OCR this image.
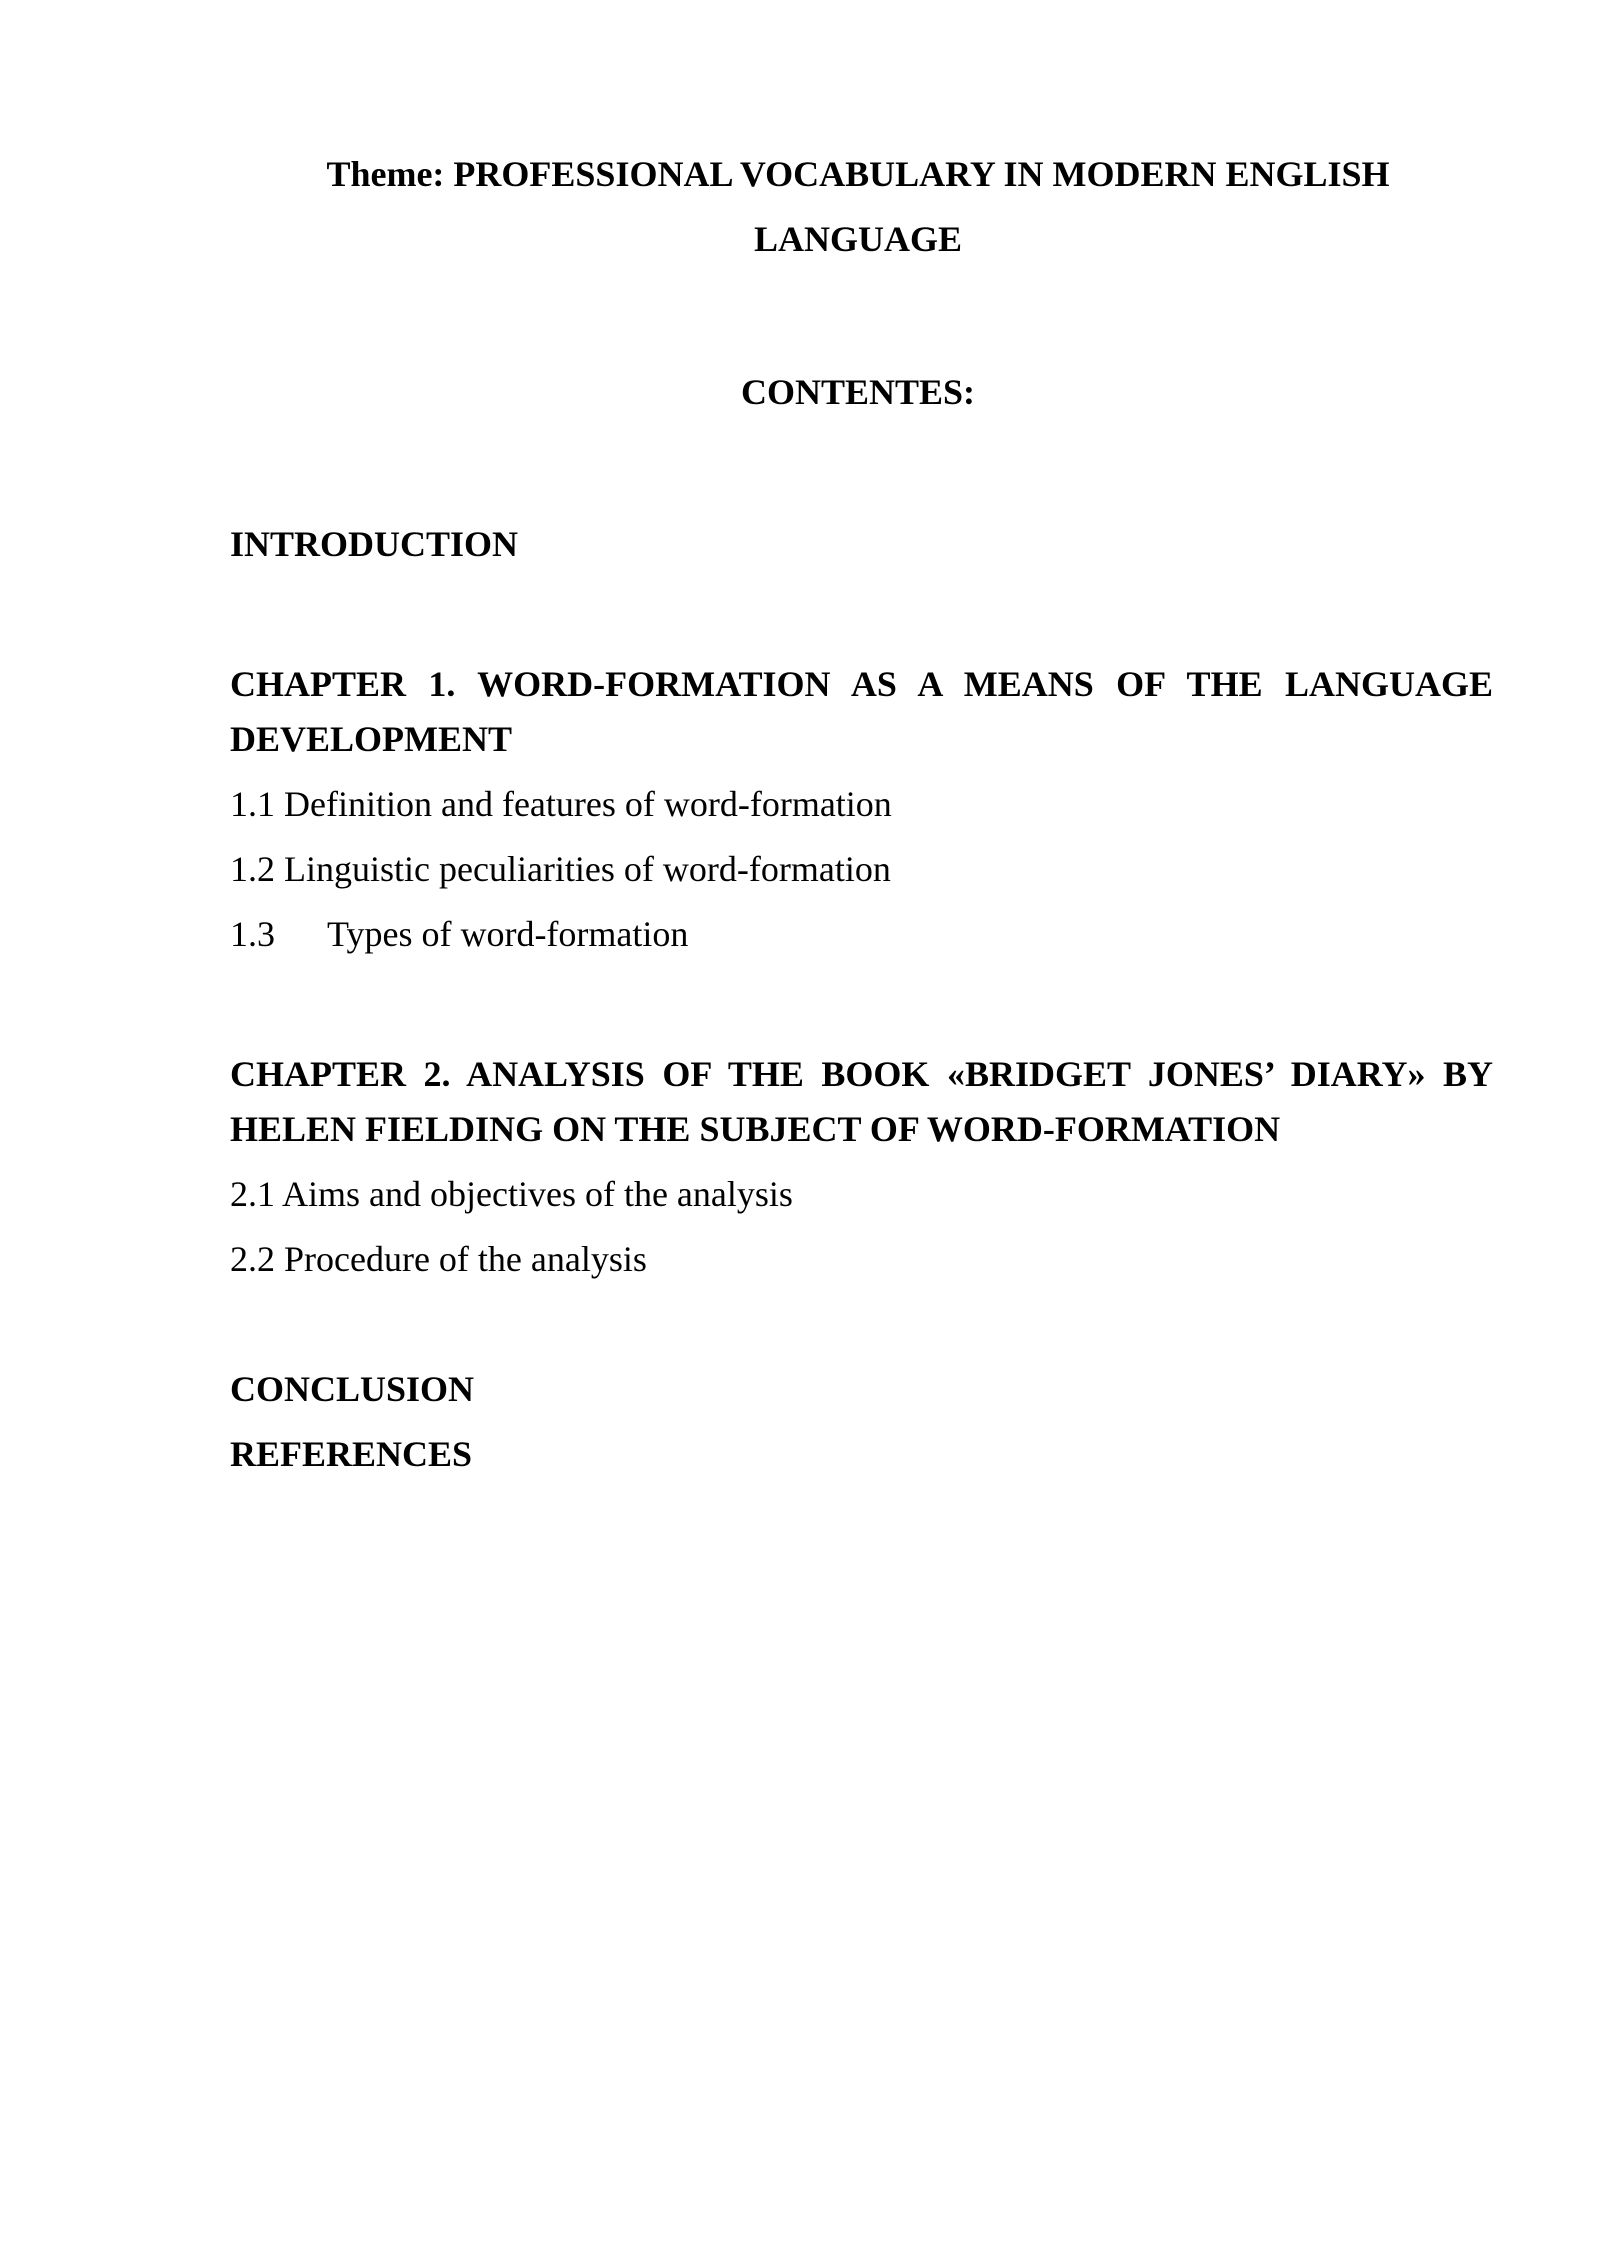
Theme: PROFESSIONAL VOCABULARY IN MODERN ENGLISH
LANGUAGE
CONTENTES:
INTRODUCTION
CHAPTER 1. WORD-FORMATION AS A MEANS OF THE LANGUAGE
DEVELOPMENT
1.1 Definition and features of word-formation
1.2 Linguistic peculiarities of word-formation
1.3 Types of word-formation
CHAPTER 2. ANALYSIS OF THE BOOK «BRIDGET JONES’ DIARY» BY
HELEN FIELDING ON THE SUBJECT OF WORD-FORMATION
2.1 Aims and objectives of the analysis
2.2 Procedure of the analysis
CONCLUSION
REFERENCES
